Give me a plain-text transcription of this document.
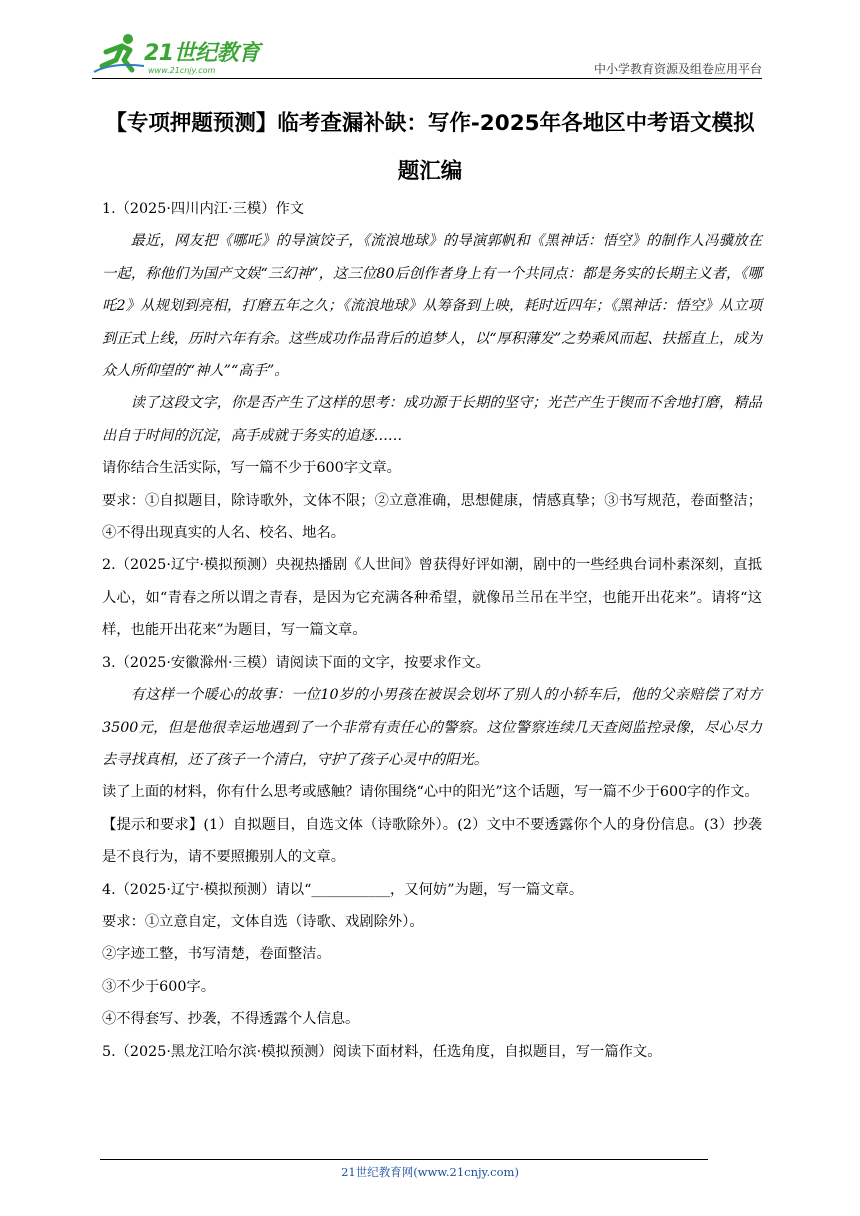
21世纪教育
www.21cnjy.com	中小学教育资源及组卷应用平台
【专项押题预测】临考查漏补缺：写作-2025年各地区中考语文模拟题汇编

1.（2025·四川内江·三模）作文

最近，网友把《哪吒》的导演饺子，《流浪地球》的导演郭帆和《黑神话：悟空》的制作人冯骥放在一起，称他们为国产文娱“三幻神”，这三位80后创作者身上有一个共同点：都是务实的长期主义者，《哪吒2》从规划到亮相，打磨五年之久；《流浪地球》从筹备到上映，耗时近四年；《黑神话：悟空》从立项到正式上线，历时六年有余。这些成功作品背后的追梦人，以“厚积薄发”之势乘风而起、扶摇直上，成为众人所仰望的“神人”“高手”。

读了这段文字，你是否产生了这样的思考：成功源于长期的坚守；光芒产生于锲而不舍地打磨，精品出自于时间的沉淀，高手成就于务实的追逐……

请你结合生活实际，写一篇不少于600字文章。

要求：①自拟题目，除诗歌外，文体不限；②立意准确，思想健康，情感真挚；③书写规范，卷面整洁；④不得出现真实的人名、校名、地名。

2.（2025·辽宁·模拟预测）央视热播剧《人世间》曾获得好评如潮，剧中的一些经典台词朴素深刻，直抵人心，如“青春之所以谓之青春，是因为它充满各种希望，就像吊兰吊在半空，也能开出花来”。请将“这样，也能开出花来”为题目，写一篇文章。

3.（2025·安徽滁州·三模）请阅读下面的文字，按要求作文。

有这样一个暖心的故事：一位10岁的小男孩在被误会划坏了别人的小轿车后，他的父亲赔偿了对方3500元，但是他很幸运地遇到了一个非常有责任心的警察。这位警察连续几天查阅监控录像，尽心尽力去寻找真相，还了孩子一个清白，守护了孩子心灵中的阳光。

读了上面的材料，你有什么思考或感触？请你围绕“心中的阳光”这个话题，写一篇不少于600字的作文。

【提示和要求】(1）自拟题目，自选文体（诗歌除外）。(2）文中不要透露你个人的身份信息。(3）抄袭是不良行为，请不要照搬别人的文章。

4.（2025·辽宁·模拟预测）请以“___________，又何妨”为题，写一篇文章。

要求：①立意自定，文体自选（诗歌、戏剧除外）。

②字迹工整，书写清楚，卷面整洁。

③不少于600字。

④不得套写、抄袭，不得透露个人信息。

5.（2025·黑龙江哈尔滨·模拟预测）阅读下面材料，任选角度，自拟题目，写一篇作文。

21世纪教育网(www.21cnjy.com)
